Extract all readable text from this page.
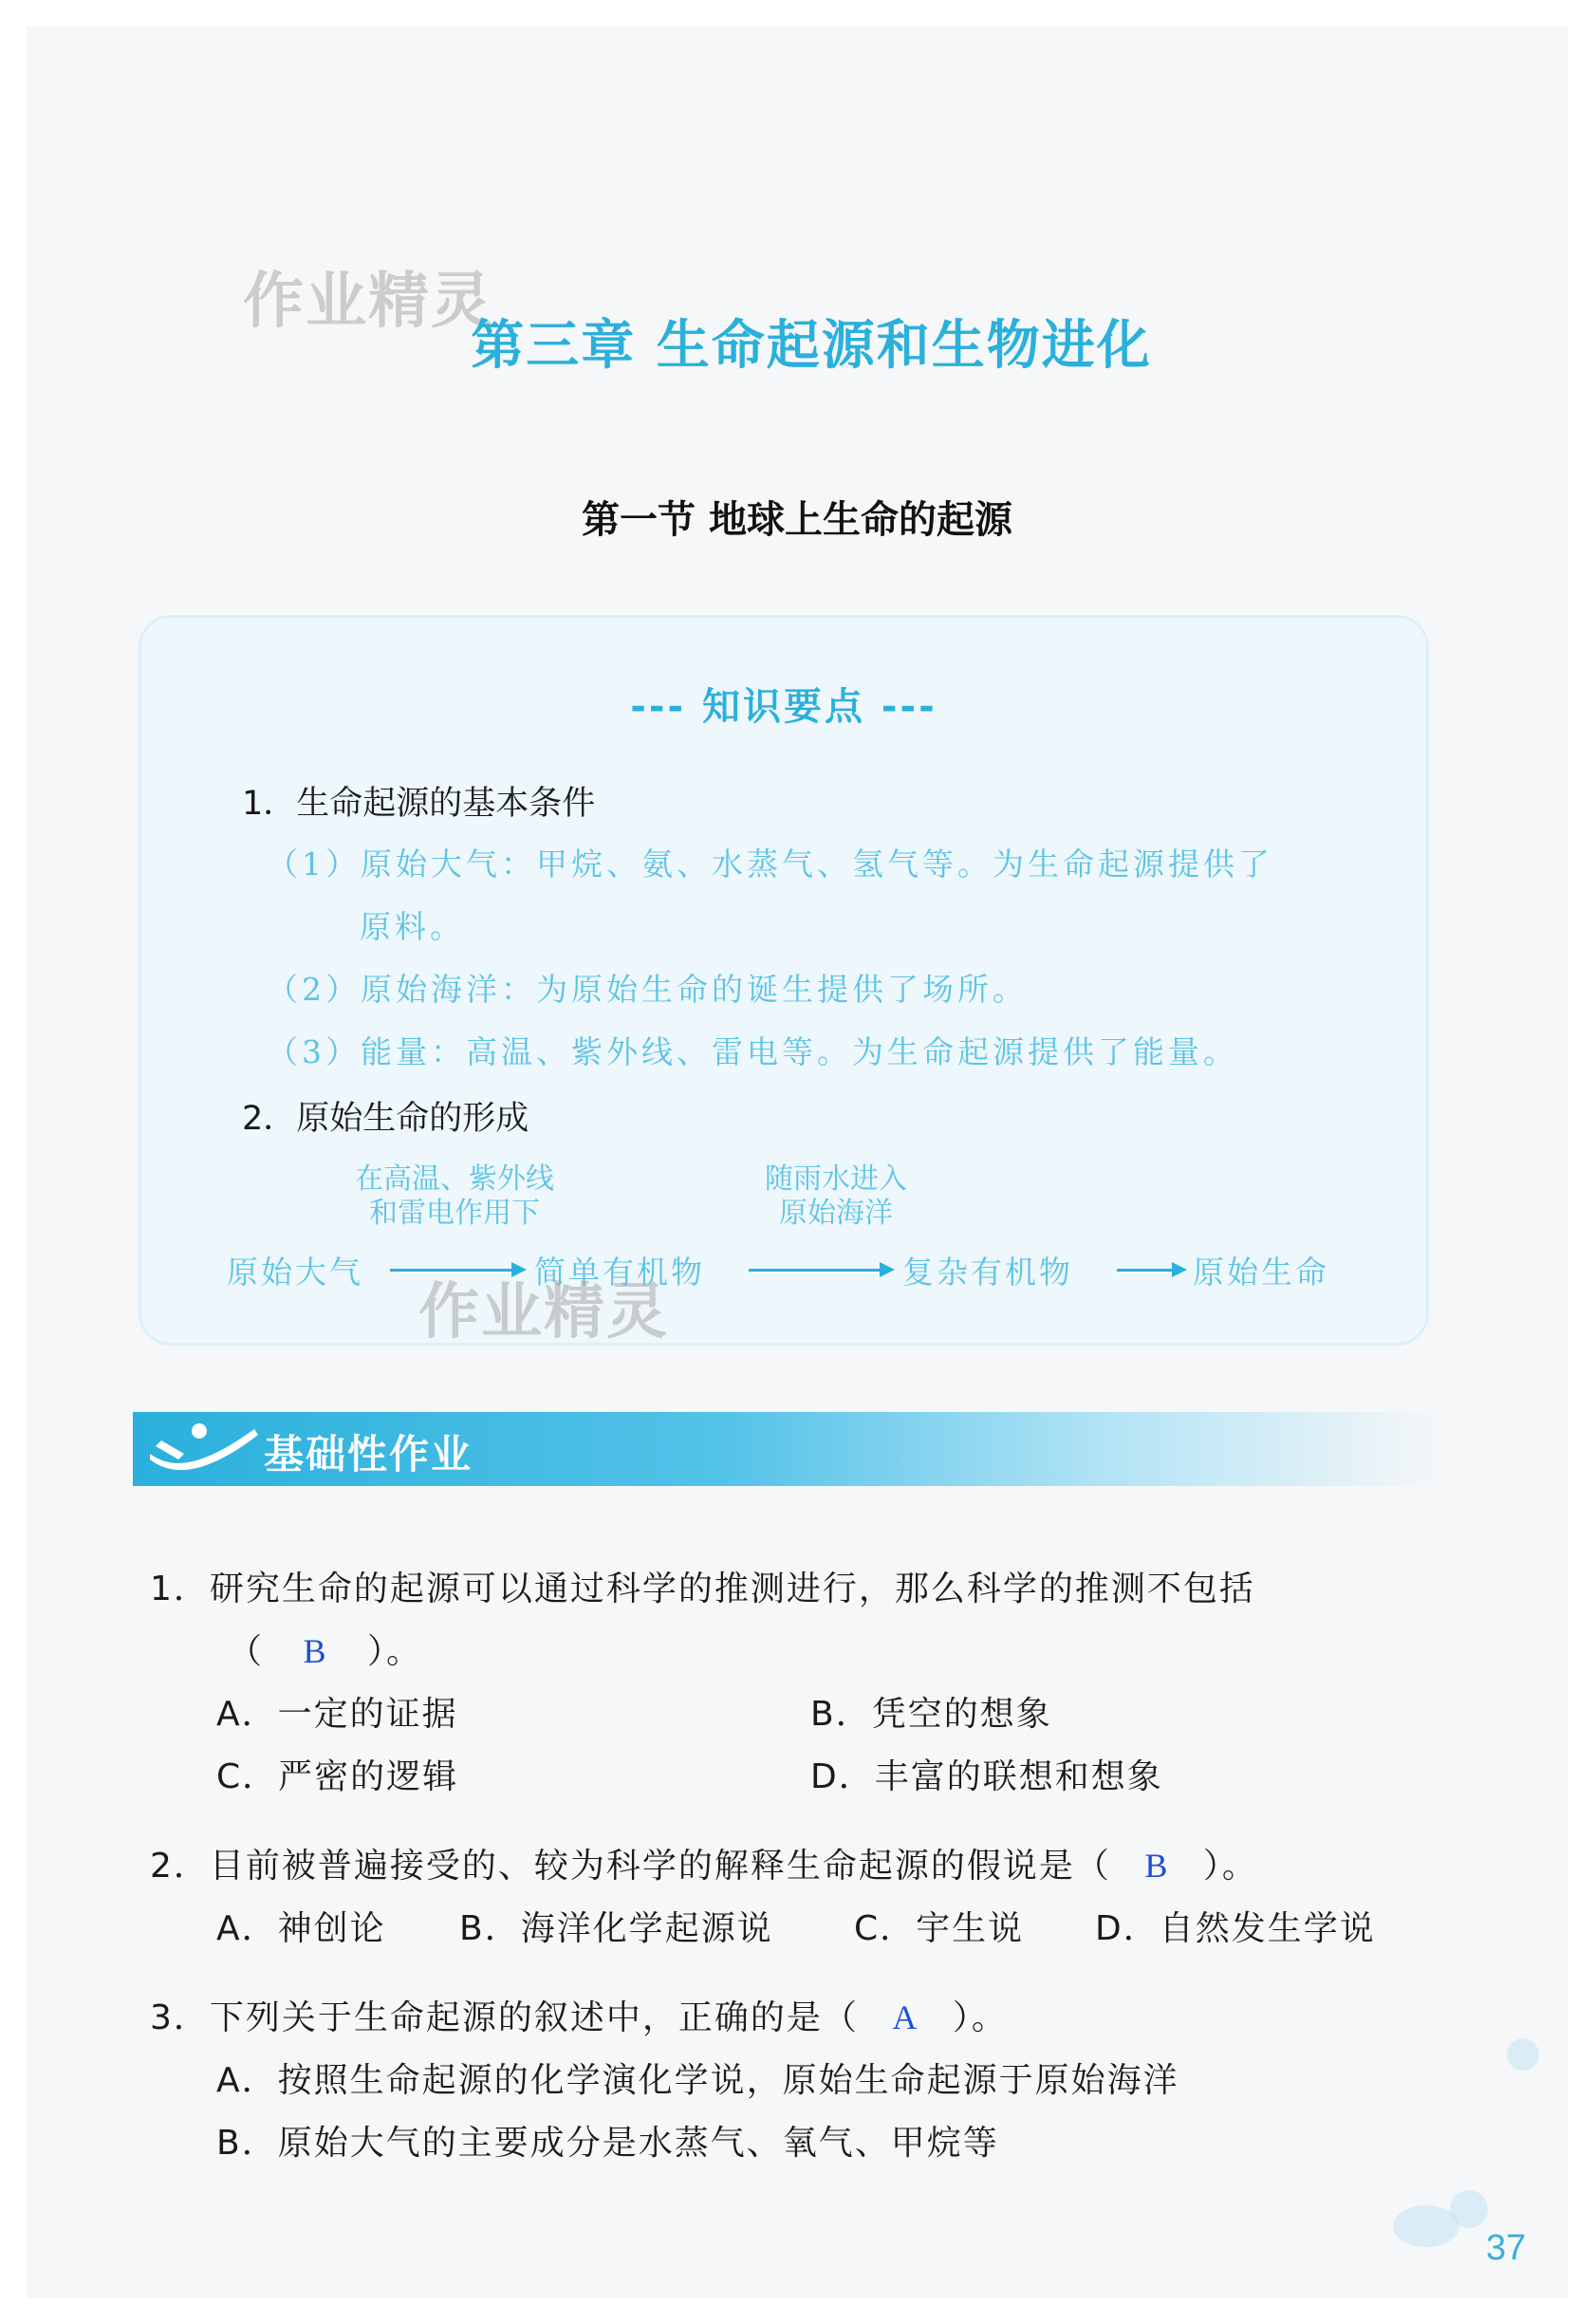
作业精灵
第三章 生命起源和生物进化
第一节 地球上生命的起源
--- 知识要点 ---
1．生命起源的基本条件
（1）原始大气：甲烷、氨、水蒸气、氢气等。为生命起源提供了
原料。
（2）原始海洋：为原始生命的诞生提供了场所。
（3）能量：高温、紫外线、雷电等。为生命起源提供了能量。
2．原始生命的形成
在高温、紫外线
和雷电作用下
随雨水进入
原始海洋
原始大气	简单有机物	复杂有机物	原始生命
作业精灵
基础性作业
1．研究生命的起源可以通过科学的推测进行，那么科学的推测不包括
（ B ）。
A．一定的证据	B．凭空的想象
C．严密的逻辑	D．丰富的联想和想象
2．目前被普遍接受的、较为科学的解释生命起源的假说是（ B ）。
A．神创论 B．海洋化学起源说 C．宇生说 D．自然发生学说
3．下列关于生命起源的叙述中，正确的是（ A ）。
A．按照生命起源的化学演化学说，原始生命起源于原始海洋
B．原始大气的主要成分是水蒸气、氧气、甲烷等
37
